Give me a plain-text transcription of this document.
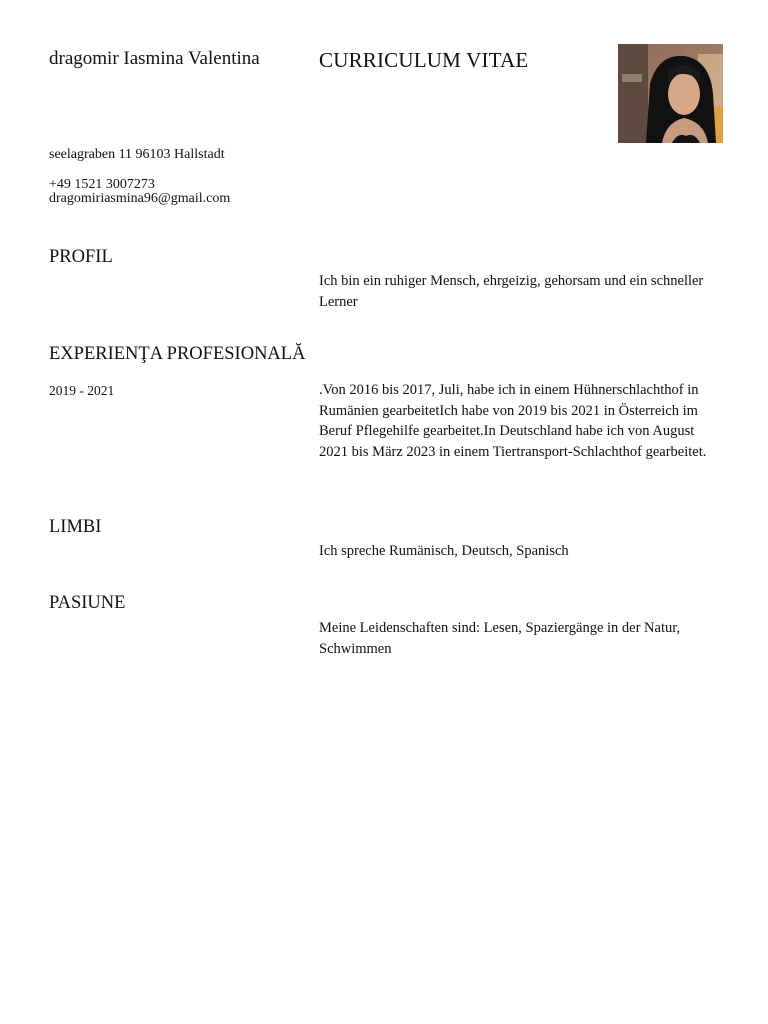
dragomir Iasmina Valentina	CURRICULUM VITAE
seelagraben 11 96103 Hallstadt
+49 1521 3007273
dragomiriasmina96@gmail.com
PROFIL
Ich bin ein ruhiger Mensch, ehrgeizig, gehorsam und ein schneller Lerner
EXPERIENŢA PROFESIONALĂ
2019 - 2021	.Von 2016 bis 2017, Juli, habe ich in einem Hühnerschlachthof in Rumänien gearbeitetIch habe von 2019 bis 2021 in Österreich im Beruf Pflegehilfe gearbeitet.In Deutschland habe ich von August 2021 bis März 2023 in einem Tiertransport-Schlachthof gearbeitet.
LIMBI
Ich spreche Rumänisch, Deutsch, Spanisch
PASIUNE
Meine Leidenschaften sind: Lesen, Spaziergänge in der Natur, Schwimmen
